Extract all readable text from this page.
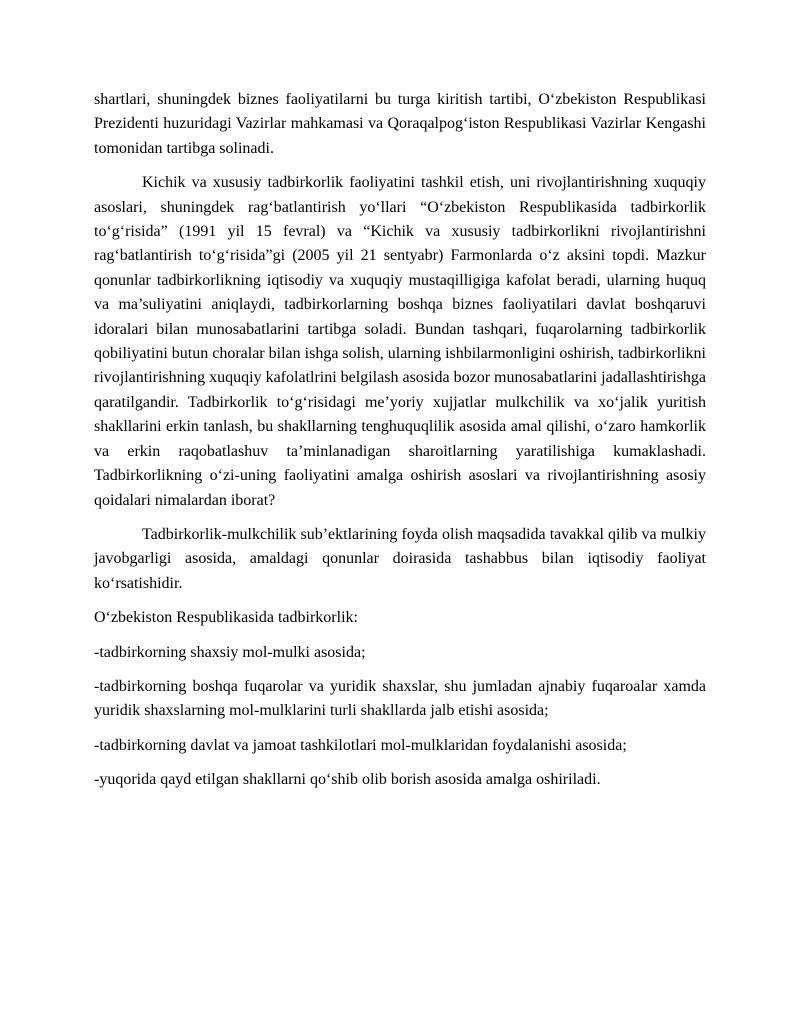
shartlari, shuningdek biznes faoliyatilarni bu turga kiritish tartibi, O‘zbekiston Respublikasi Prezidenti huzuridagi Vazirlar mahkamasi va Qoraqalpog‘iston Respublikasi Vazirlar Kengashi tomonidan tartibga solinadi.

Kichik va xususiy tadbirkorlik faoliyatini tashkil etish, uni rivojlantirishning xuquqiy asoslari, shuningdek rag‘batlantirish yo‘llari “O‘zbekiston Respublikasida tadbirkorlik to‘g‘risida” (1991 yil 15 fevral) va “Kichik va xususiy tadbirkorlikni rivojlantirishni rag‘batlantirish to‘g‘risida”gi (2005 yil 21 sentyabr) Farmonlarda o‘z aksini topdi. Mazkur qonunlar tadbirkorlikning iqtisodiy va xuquqiy mustaqilligiga kafolat beradi, ularning huquq va ma’suliyatini aniqlaydi, tadbirkorlarning boshqa biznes faoliyatilari davlat boshqaruvi idoralari bilan munosabatlarini tartibga soladi. Bundan tashqari, fuqarolarning tadbirkorlik qobiliyatini butun choralar bilan ishga solish, ularning ishbilarmonligini oshirish, tadbirkorlikni rivojlantirishning xuquqiy kafolatlrini belgilash asosida bozor munosabatlarini jadallashtirishga qaratilgandir. Tadbirkorlik to‘g‘risidagi me’yoriy xujjatlar mulkchilik va xo‘jalik yuritish shakllarini erkin tanlash, bu shakllarning tenghuquqlilik asosida amal qilishi, o‘zaro hamkorlik va erkin raqobatlashuv ta’minlanadigan sharoitlarning yaratilishiga kumaklashadi. Tadbirkorlikning o‘zi-uning faoliyatini amalga oshirish asoslari va rivojlantirishning asosiy qoidalari nimalardan iborat?

Tadbirkorlik-mulkchilik sub’ektlarining foyda olish maqsadida tavakkal qilib va mulkiy javobgarligi asosida, amaldagi qonunlar doirasida tashabbus bilan iqtisodiy faoliyat ko‘rsatishidir.

O‘zbekiston Respublikasida tadbirkorlik:

-tadbirkorning shaxsiy mol-mulki asosida;

-tadbirkorning boshqa fuqarolar va yuridik shaxslar, shu jumladan ajnabiy fuqaroalar xamda yuridik shaxslarning mol-mulklarini turli shakllarda jalb etishi asosida;

-tadbirkorning davlat va jamoat tashkilotlari mol-mulklaridan foydalanishi asosida;

-yuqorida qayd etilgan shakllarni qo‘shib olib borish asosida amalga oshiriladi.
